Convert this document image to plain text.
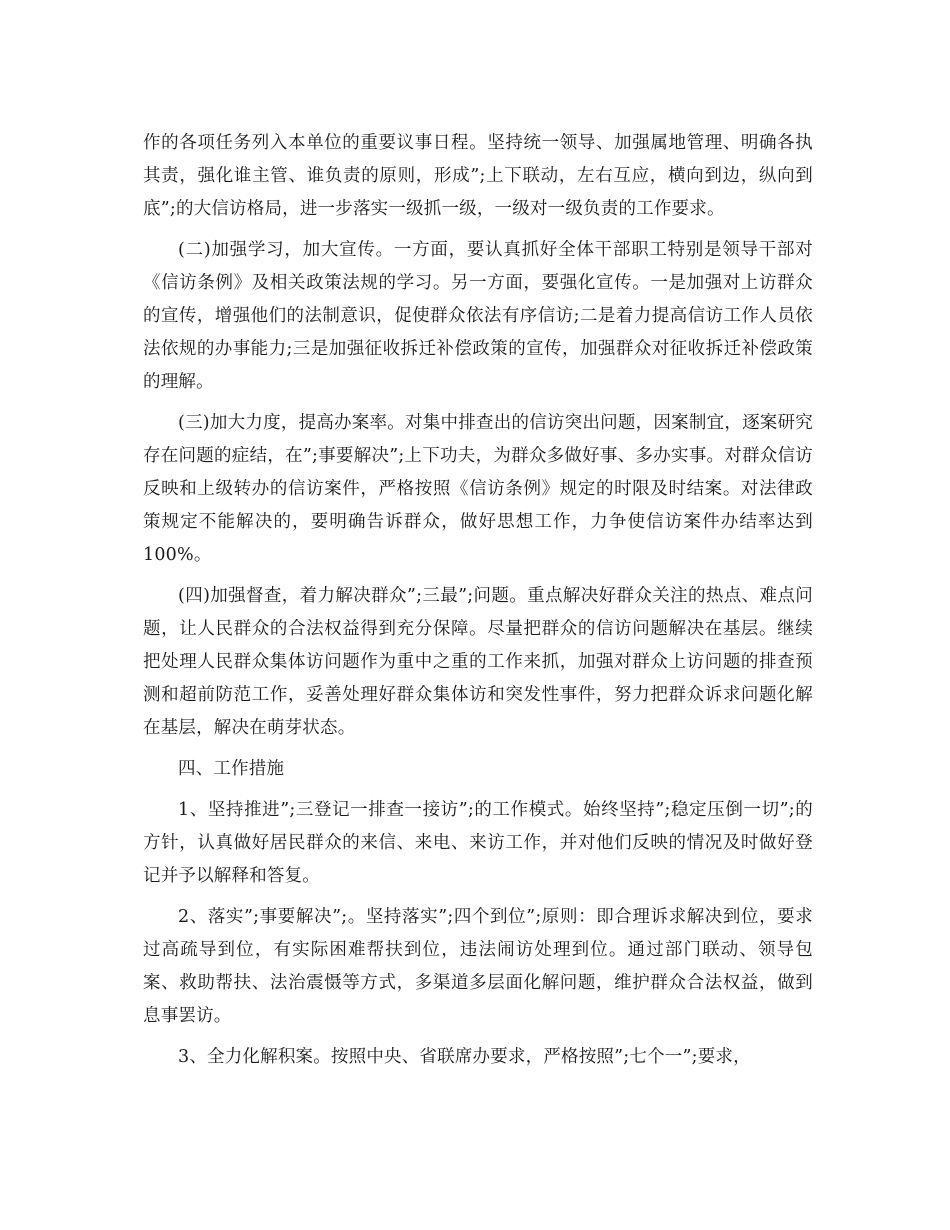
作的各项任务列入本单位的重要议事日程。坚持统一领导、加强属地管理、明确各执其责，强化谁主管、谁负责的原则，形成”;上下联动，左右互应，横向到边，纵向到底”;的大信访格局，进一步落实一级抓一级，一级对一级负责的工作要求。

(二)加强学习，加大宣传。一方面，要认真抓好全体干部职工特别是领导干部对《信访条例》及相关政策法规的学习。另一方面，要强化宣传。一是加强对上访群众的宣传，增强他们的法制意识，促使群众依法有序信访;二是着力提高信访工作人员依法依规的办事能力;三是加强征收拆迁补偿政策的宣传，加强群众对征收拆迁补偿政策的理解。

(三)加大力度，提高办案率。对集中排查出的信访突出问题，因案制宜，逐案研究存在问题的症结，在”;事要解决”;上下功夫，为群众多做好事、多办实事。对群众信访反映和上级转办的信访案件，严格按照《信访条例》规定的时限及时结案。对法律政策规定不能解决的，要明确告诉群众，做好思想工作，力争使信访案件办结率达到100%。

(四)加强督查，着力解决群众”;三最”;问题。重点解决好群众关注的热点、难点问题，让人民群众的合法权益得到充分保障。尽量把群众的信访问题解决在基层。继续把处理人民群众集体访问题作为重中之重的工作来抓，加强对群众上访问题的排查预测和超前防范工作，妥善处理好群众集体访和突发性事件，努力把群众诉求问题化解在基层，解决在萌芽状态。

四、工作措施

1、坚持推进”;三登记一排查一接访”;的工作模式。始终坚持”;稳定压倒一切”;的方针，认真做好居民群众的来信、来电、来访工作，并对他们反映的情况及时做好登记并予以解释和答复。

2、落实”;事要解决”;。坚持落实”;四个到位”;原则：即合理诉求解决到位，要求过高疏导到位，有实际困难帮扶到位，违法闹访处理到位。通过部门联动、领导包案、救助帮扶、法治震慑等方式，多渠道多层面化解问题，维护群众合法权益，做到息事罢访。

3、全力化解积案。按照中央、省联席办要求，严格按照”;七个一”;要求，
